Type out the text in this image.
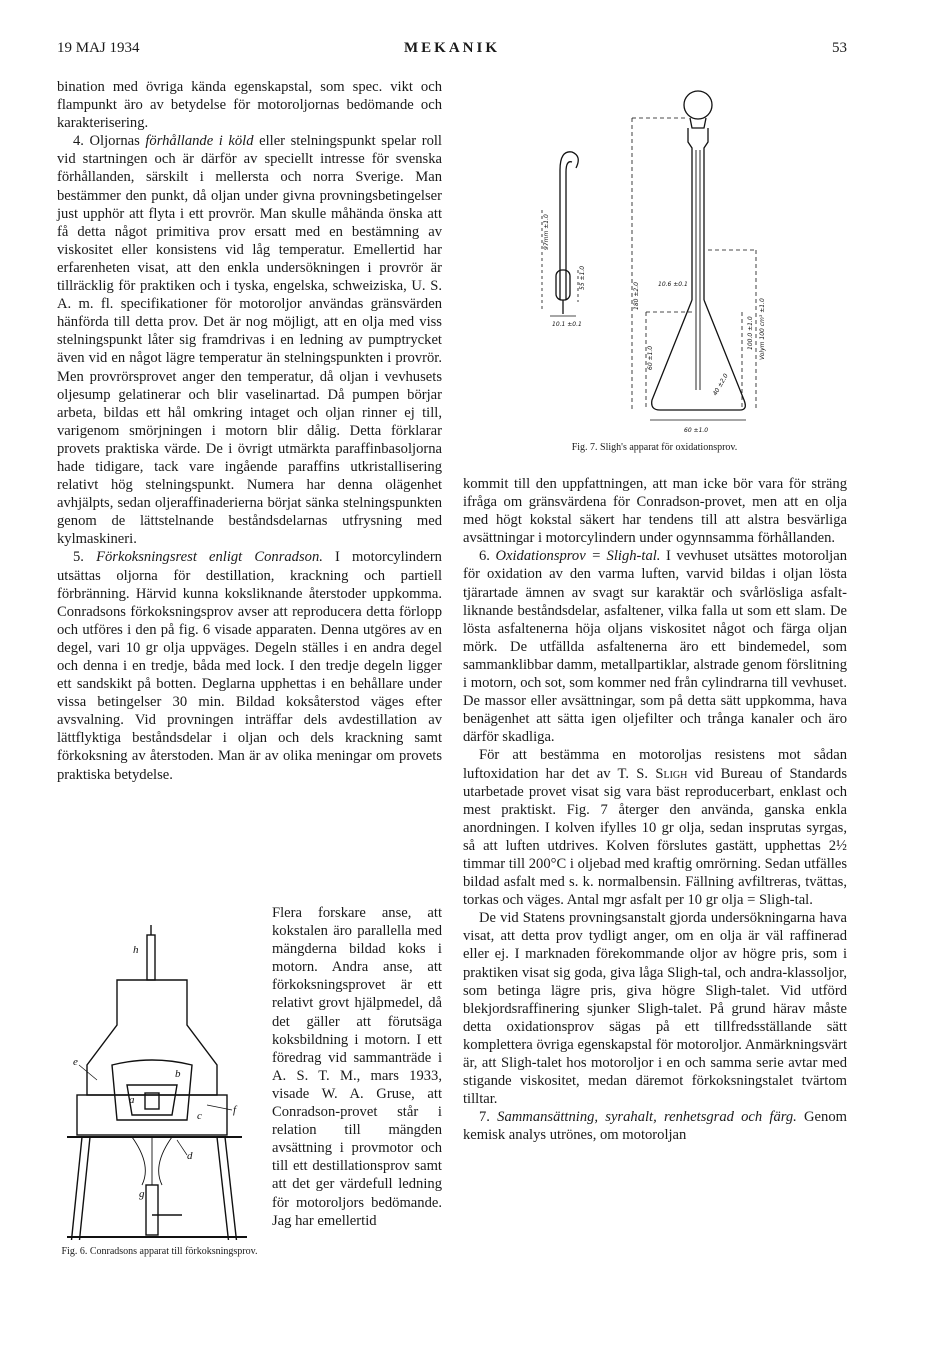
19 MAJ 1934	MEKANIK	53

bination med övriga kända egenskapstal, som spec. vikt och flampunkt äro av betydelse för motoroljornas bedömande och karakterisering.

4. Oljornas förhållande i köld eller stelningspunkt spelar roll vid startningen och är därför av speciellt intresse för svenska förhållanden, särskilt i mellersta och norra Sverige. Man bestämmer den punkt, då oljan under givna provningsbetingelser just upphör att flyta i ett provrör. Man skulle måhända önska att få detta något primitiva prov ersatt med en bestämning av viskositet eller konsistens vid låg temperatur. Emellertid har erfarenheten visat, att den enkla undersökningen i provrör är tillräcklig för praktiken och i tyska, engelska, schweiziska, U. S. A. m. fl. specifikationer för motoroljor användas gränsvärden hänförda till detta prov. Det är nog möjligt, att en olja med viss stelningspunkt låter sig framdrivas i en ledning av pumptrycket även vid en något lägre temperatur än stelningspunkten i provrör. Men provrörsprovet anger den temperatur, då oljan i vevhusets oljesump gelatinerar och blir vaselinartad. Då pumpen börjar arbeta, bildas ett hål omkring intaget och oljan rinner ej till, varigenom smörjningen i motorn blir dålig. Detta förklarar provets praktiska värde. De i övrigt utmärkta paraffinbasoljorna hade tidigare, tack vare ingående paraffins utkristallisering relativt hög stelningspunkt. Numera har denna olägenhet avhjälpts, sedan oljeraffinaderierna börjat sänka stelningspunkten genom de lättstelnande beståndsdelarnas utfrysning med kylmaskineri.

5. Förkoksningsrest enligt Conradson. I motorcylindern utsättas oljorna för destillation, krackning och partiell förbränning. Härvid kunna koksliknande återstoder uppkomma. Conradsons förkoksningsprov avser att reproducera detta förlopp och utföres i den på fig. 6 visade apparaten. Denna utgöres av en degel, vari 10 gr olja uppväges. Degeln ställes i en andra degel och denna i en tredje, båda med lock. I den tredje degeln ligger ett sandskikt på botten. Deglarna upphettas i en behållare under vissa betingelser 30 min. Bildad koksåterstod väges efter avsvalning. Vid provningen inträffar dels avdestillation av lättflyktiga beståndsdelar i oljan och dels krackning samt förkoksning av återstoden. Man är av olika meningar om provets praktiska betydelse.

Flera forskare anse, att kokstalen äro parallella med mängderna bildad koks i motorn. Andra anse, att förkoksningsprovet är ett relativt grovt hjälpmedel, då det gäller att förutsäga koksbildning i motorn. I ett föredrag vid sammanträde i A. S. T. M., mars 1933, visade W. A. Gruse, att Conradson-provet står i relation till mängden avsättning i provmotor och till ett destillationsprov samt att det ger värdefull ledning för motoroljors bedömande. Jag har emellertid

97mm ±1.0
55 ±1.0
10.1 ±0.1
180 ±2.0	10.6 ±0.1
60 ±1.0
100.0 ±1.0 Volym 100 cm³ ±1.0
40 ±2.0
60 ±1.0
Fig. 7. Sligh's apparat för oxidationsprov.

kommit till den uppfattningen, att man icke bör vara för sträng ifråga om gränsvärdena för Conradson-provet, men att en olja med högt kokstal säkert har tendens till att alstra besvärliga avsättningar i motorcylindern under ogynnsamma förhållanden.

6. Oxidationsprov = Sligh-tal. I vevhuset utsättes motoroljan för oxidation av den varma luften, varvid bildas i oljan lösta tjärartade ämnen av svagt sur karaktär och svårlösliga asfalt-liknande beståndsdelar, asfaltener, vilka falla ut som ett slam. De lösta asfaltenerna höja oljans viskositet något och färga oljan mörk. De utfällda asfaltenerna äro ett bindemedel, som sammanklibbar damm, metallpartiklar, alstrade genom förslitning i motorn, och sot, som kommer ned från cylindrarna till vevhuset. De massor eller avsättningar, som på detta sätt uppkomma, hava benägenhet att sätta igen oljefilter och trånga kanaler och äro därför skadliga.

För att bestämma en motoroljas resistens mot sådan luftoxidation har det av T. S. Sligh vid Bureau of Standards utarbetade provet visat sig vara bäst reproducerbart, enklast och mest praktiskt. Fig. 7 återger den använda, ganska enkla anordningen. I kolven ifylles 10 gr olja, sedan insprutas syrgas, så att luften utdrives. Kolven förslutes gastätt, upphettas 2½ timmar till 200°C i oljebad med kraftig omrörning. Sedan utfälles bildad asfalt med s. k. normalbensin. Fällning avfiltreras, tvättas, torkas och väges. Antal mgr asfalt per 10 gr olja = Sligh-tal.

De vid Statens provningsanstalt gjorda undersökningarna hava visat, att detta prov tydligt anger, om en olja är väl raffinerad eller ej. I marknaden förekommande oljor av högre pris, som i praktiken visat sig goda, giva låga Sligh-tal, och andra-klassoljor, som betinga lägre pris, giva högre Sligh-talet. Vid utförd blekjordsraffinering sjunker Sligh-talet. På grund härav måste detta oxidationsprov sägas på ett tillfredsställande sätt komplettera övriga egenskapstal för motoroljor. Anmärkningsvärt är, att Sligh-talet hos motoroljor i en och samma serie avtar med stigande viskositet, medan däremot förkoksningstalet tvärtom tilltar.

7. Sammansättning, syrahalt, renhetsgrad och färg. Genom kemisk analys utrönes, om motoroljan

h
e
a
b
c
d
f
g
Fig. 6. Conradsons apparat till förkoksningsprov.
